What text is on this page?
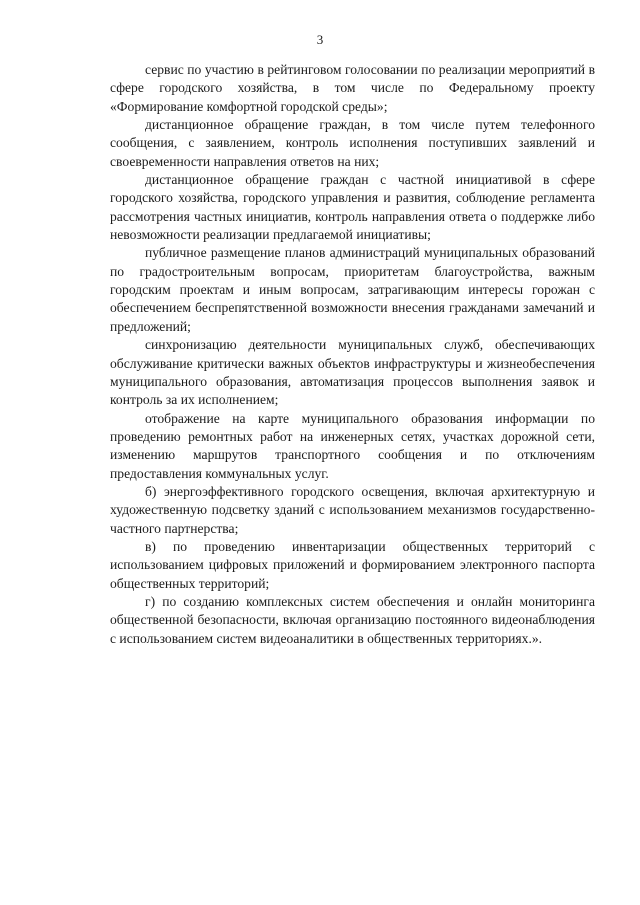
3

сервис по участию в рейтинговом голосовании по реализации мероприятий в сфере городского хозяйства, в том числе по Федеральному проекту «Формирование комфортной городской среды»;

дистанционное обращение граждан, в том числе путем телефонного сообщения, с заявлением, контроль исполнения поступивших заявлений и своевременности направления ответов на них;

дистанционное обращение граждан с частной инициативой в сфере городского хозяйства, городского управления и развития, соблюдение регламента рассмотрения частных инициатив, контроль направления ответа о поддержке либо невозможности реализации предлагаемой инициативы;

публичное размещение планов администраций муниципальных образований по градостроительным вопросам, приоритетам благоустройства, важным городским проектам и иным вопросам, затрагивающим интересы горожан с обеспечением беспрепятственной возможности внесения гражданами замечаний и предложений;

синхронизацию деятельности муниципальных служб, обеспечивающих обслуживание критически важных объектов инфраструктуры и жизнеобеспечения муниципального образования, автоматизация процессов выполнения заявок и контроль за их исполнением;

отображение на карте муниципального образования информации по проведению ремонтных работ на инженерных сетях, участках дорожной сети, изменению маршрутов транспортного сообщения и по отключениям предоставления коммунальных услуг.

б) энергоэффективного городского освещения, включая архитектурную и художественную подсветку зданий с использованием механизмов государственно-частного партнерства;

в) по проведению инвентаризации общественных территорий с использованием цифровых приложений и формированием электронного паспорта общественных территорий;

г) по созданию комплексных систем обеспечения и онлайн мониторинга общественной безопасности, включая организацию постоянного видеонаблюдения с использованием систем видеоаналитики в общественных территориях.».
